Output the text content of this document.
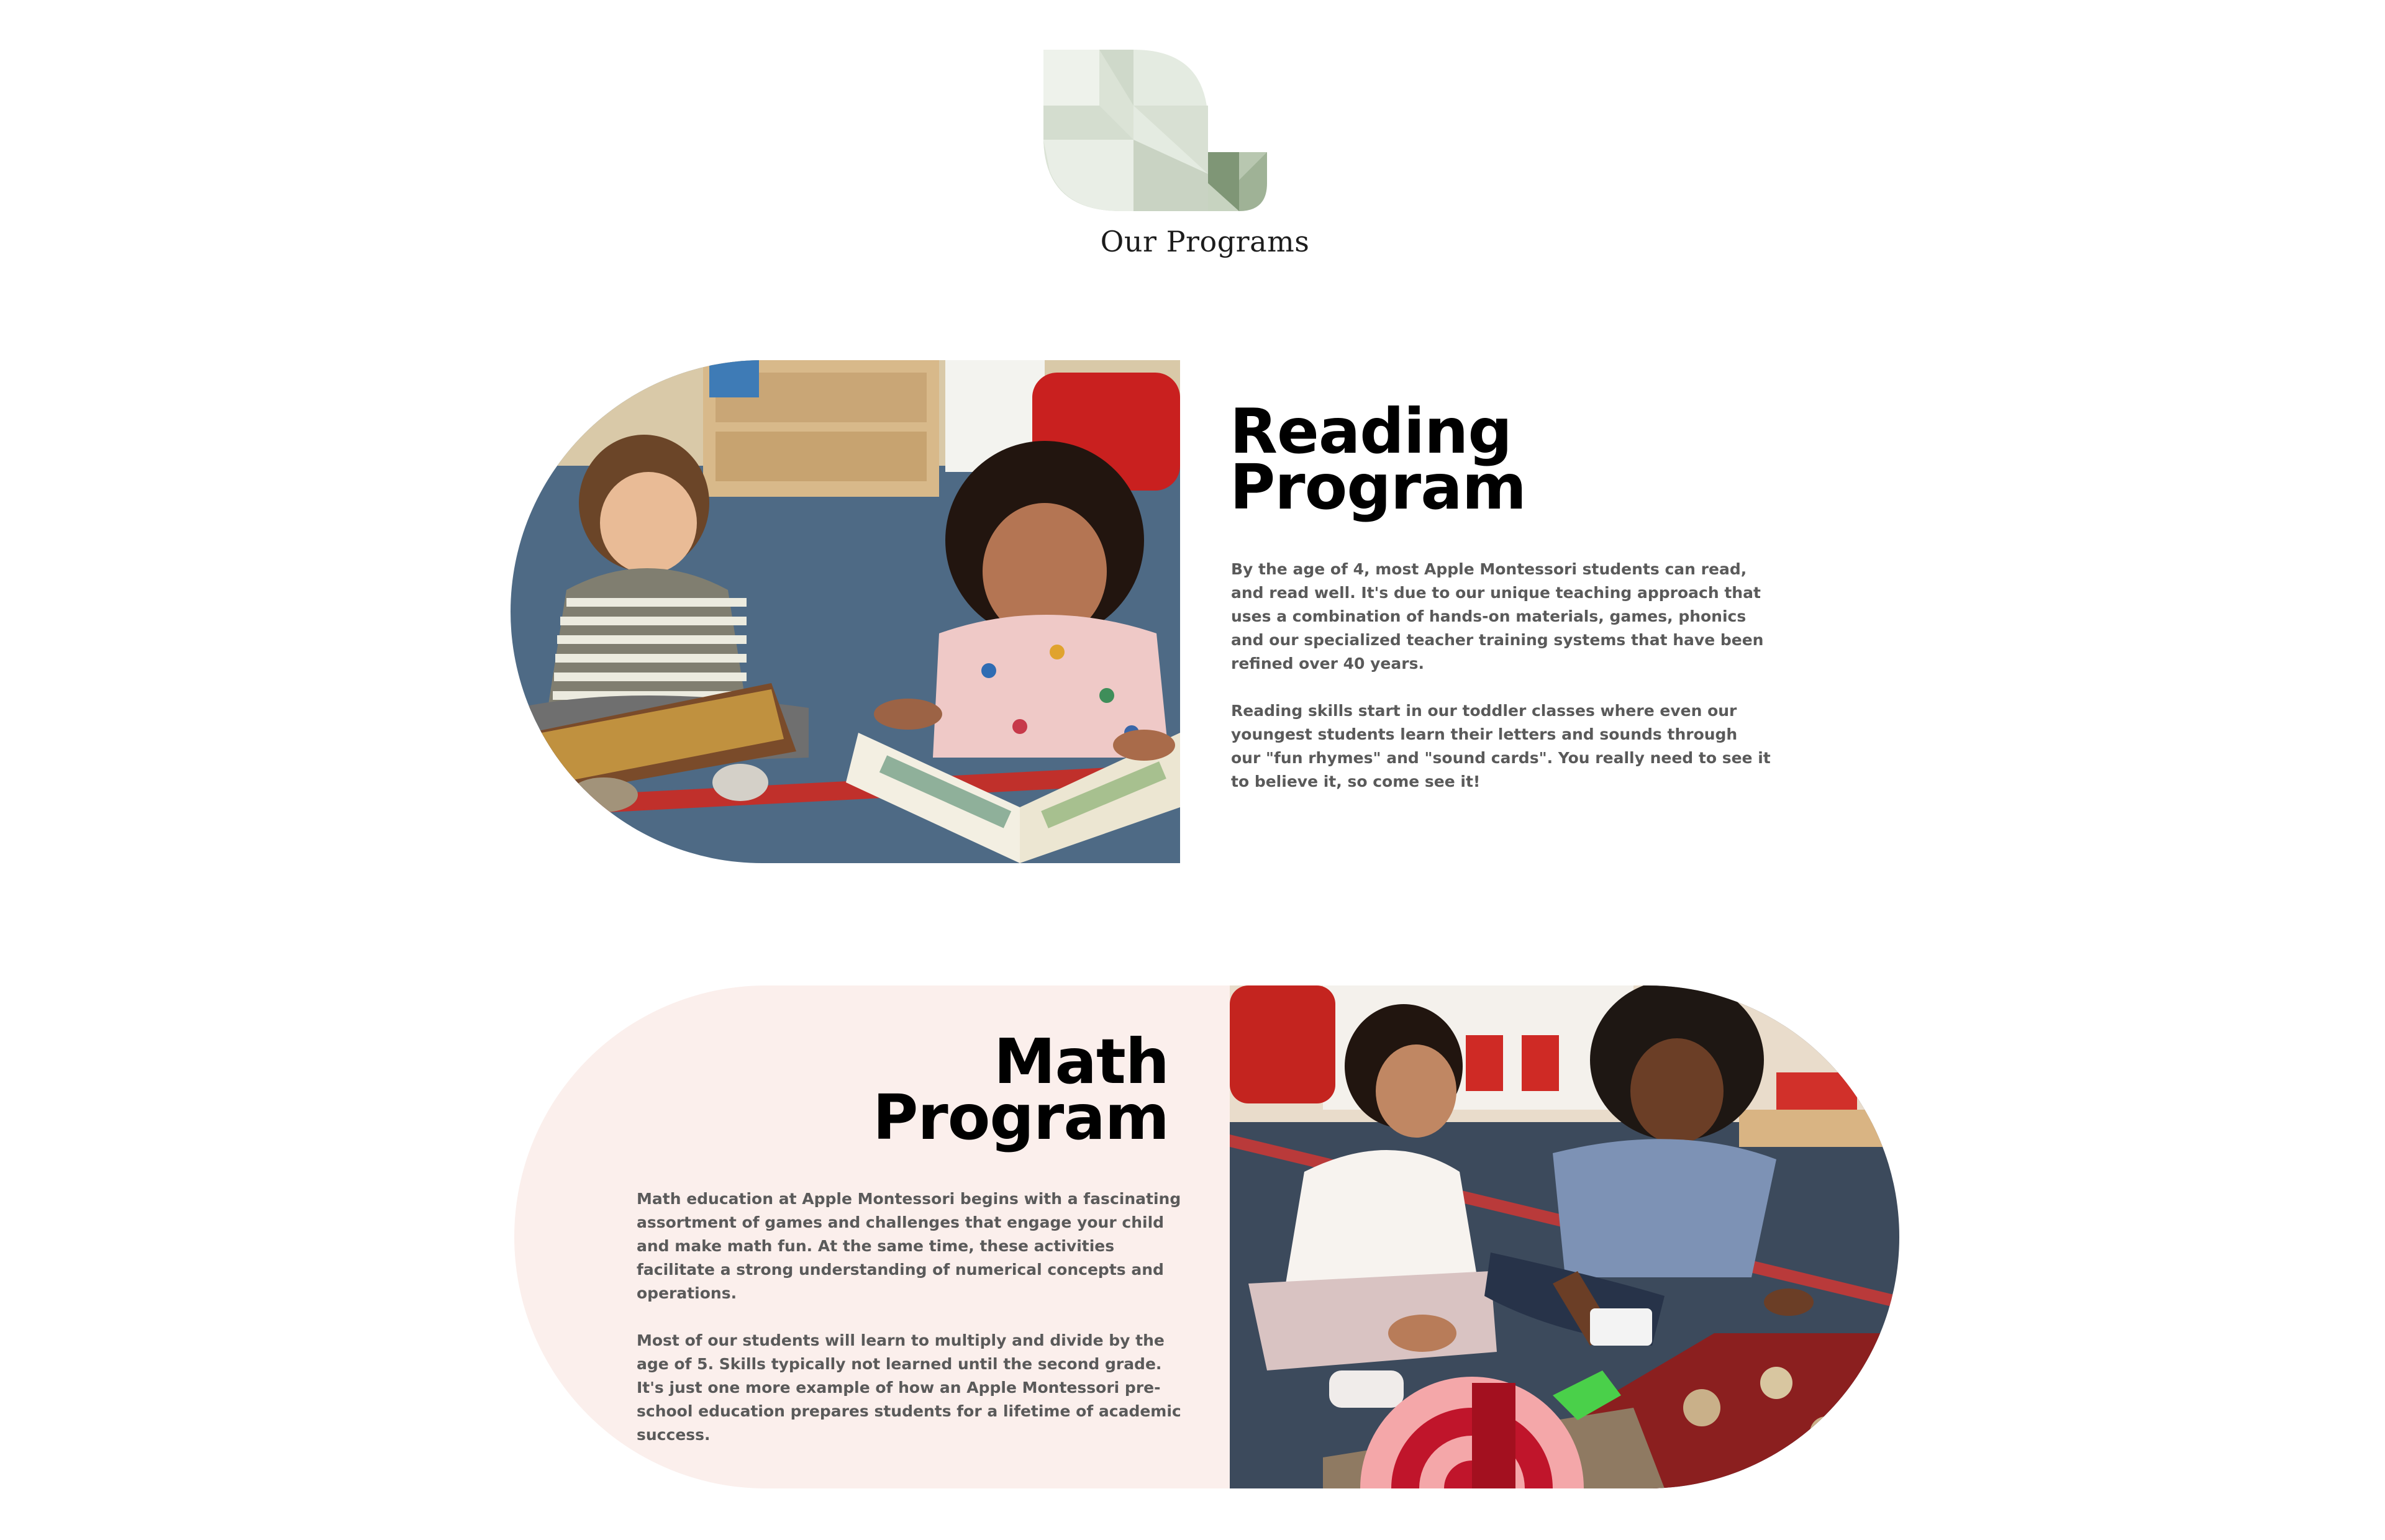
Our Programs
Reading
Program

By the age of 4, most Apple Montessori students can read, and read well. It's due to our unique teaching approach that uses a combination of hands-on materials, games, phonics and our specialized teacher training systems that have been refined over 40 years.

Reading skills start in our toddler classes where even our youngest students learn their letters and sounds through our "fun rhymes" and "sound cards". You really need to see it to believe it, so come see it!

Math
Program

Math education at Apple Montessori begins with a fascinating assortment of games and challenges that engage your child and make math fun. At the same time, these activities facilitate a strong understanding of numerical concepts and operations.

Most of our students will learn to multiply and divide by the age of 5. Skills typically not learned until the second grade. It's just one more example of how an Apple Montessori pre-school education prepares students for a lifetime of academic success.
